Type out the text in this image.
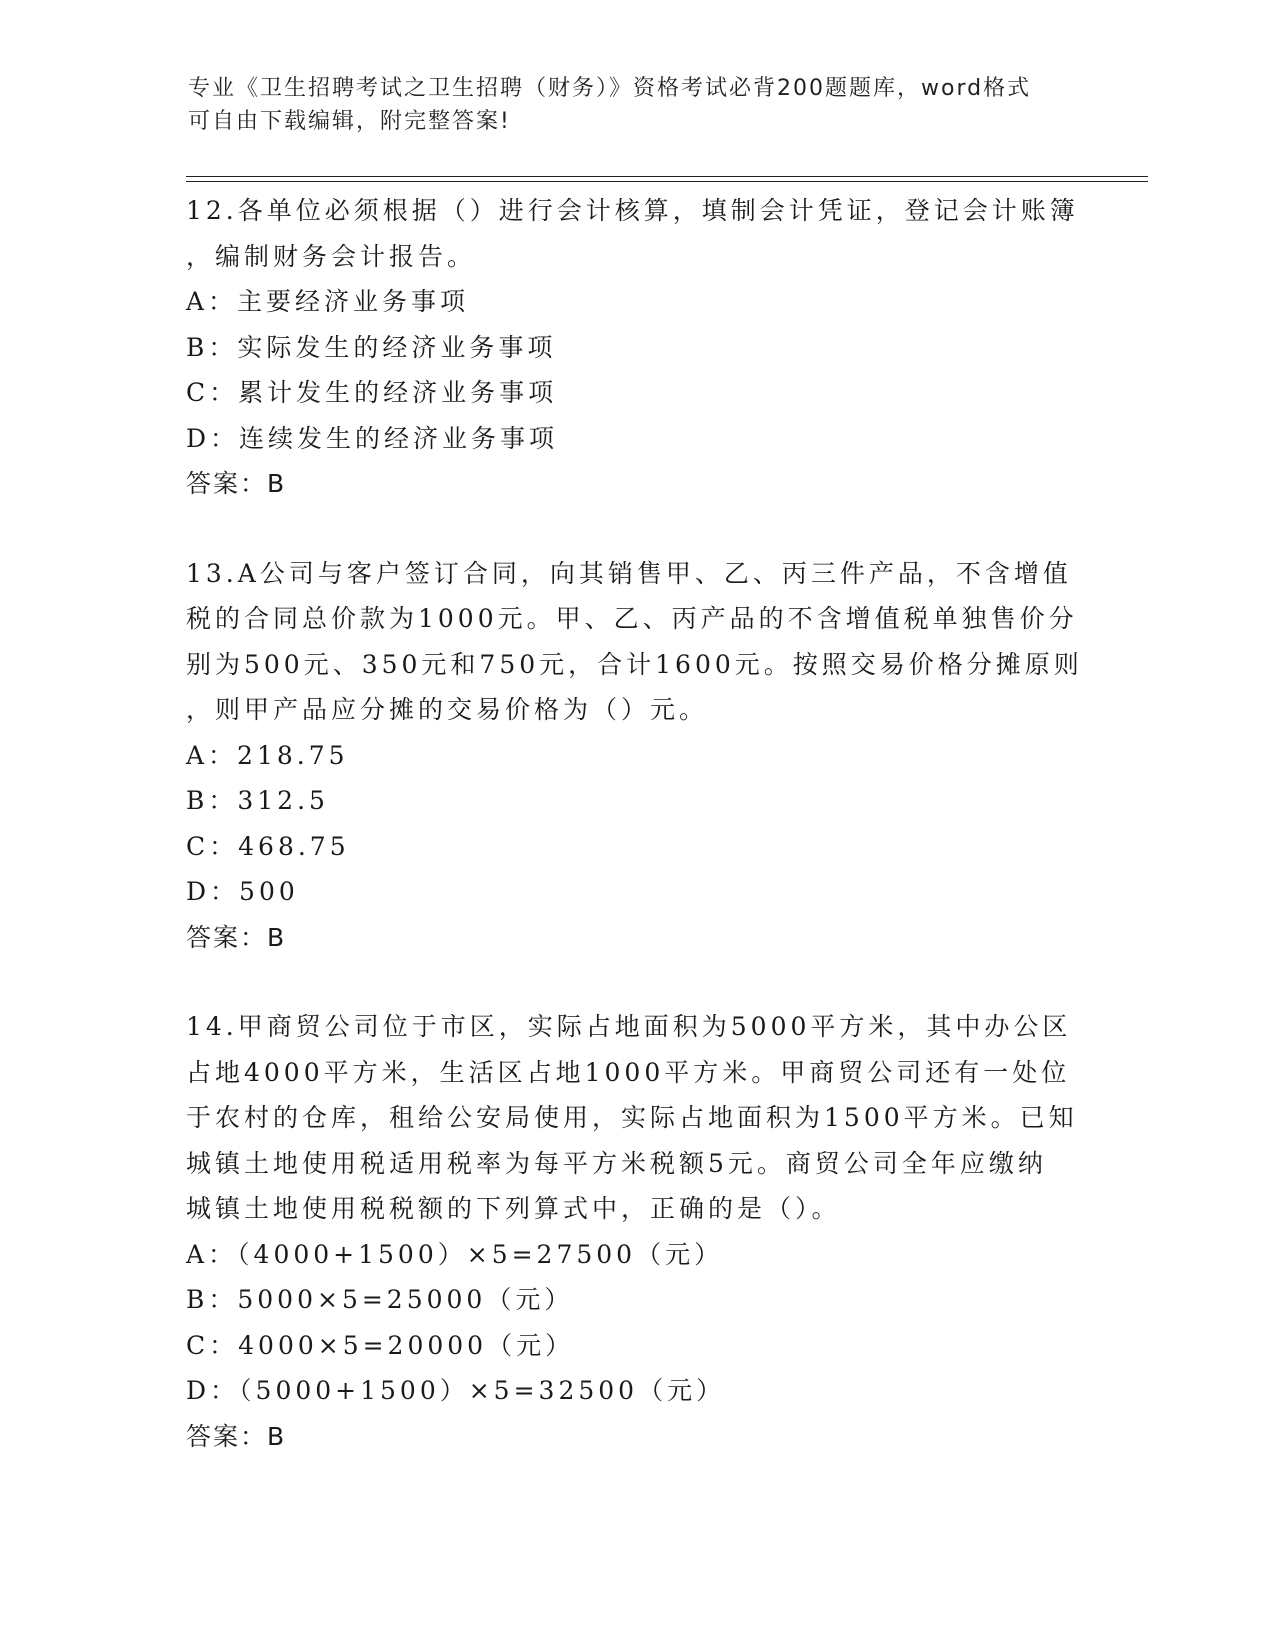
专业《卫生招聘考试之卫生招聘（财务）》资格考试必背200题题库，word格式
可自由下载编辑，附完整答案!
12.各单位必须根据（）进行会计核算，填制会计凭证，登记会计账簿
，编制财务会计报告。
A：主要经济业务事项
B：实际发生的经济业务事项
C：累计发生的经济业务事项
D：连续发生的经济业务事项
答案：B
13.A公司与客户签订合同，向其销售甲、乙、丙三件产品，不含增值
税的合同总价款为1000元。甲、乙、丙产品的不含增值税单独售价分
别为500元、350元和750元，合计1600元。按照交易价格分摊原则
，则甲产品应分摊的交易价格为（）元。
A：218.75
B：312.5
C：468.75
D：500
答案：B
14.甲商贸公司位于市区，实际占地面积为5000平方米，其中办公区
占地4000平方米，生活区占地1000平方米。甲商贸公司还有一处位
于农村的仓库，租给公安局使用，实际占地面积为1500平方米。已知
城镇土地使用税适用税率为每平方米税额5元。商贸公司全年应缴纳
城镇土地使用税税额的下列算式中，正确的是（）。
A：（4000+1500）×5=27500（元）
B：5000×5=25000（元）
C：4000×5=20000（元）
D：（5000+1500）×5=32500（元）
答案：B
